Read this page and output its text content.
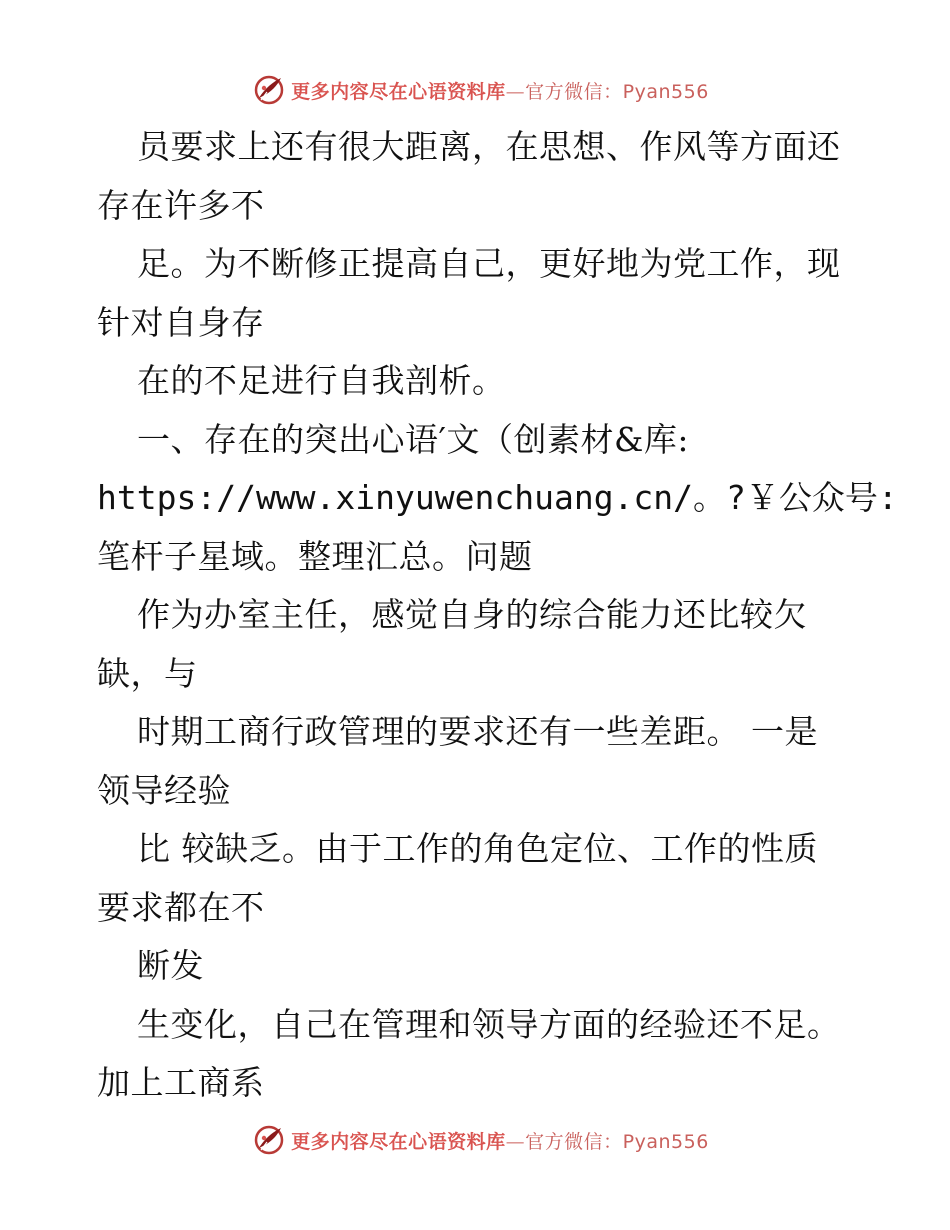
更多内容尽在心语资料库—官方微信：Pyan556
员要求上还有很大距离，在思想、作风等方面还
存在许多不
足。为不断修正提高自己，更好地为党工作，现
针对自身存
在的不足进行自我剖析。
一、存在的突出心语′文（创素材&库:
https://www.xinyuwenchuang.cn/。?￥公众号:
笔杆子星域。整理汇总。问题
作为办室主任，感觉自身的综合能力还比较欠
缺，与
时期工商行政管理的要求还有一些差距。 一是
领导经验
比 较缺乏。由于工作的角色定位、工作的性质
要求都在不
断发
生变化，自己在管理和领导方面的经验还不足。
加上工商系
更多内容尽在心语资料库—官方微信：Pyan556
